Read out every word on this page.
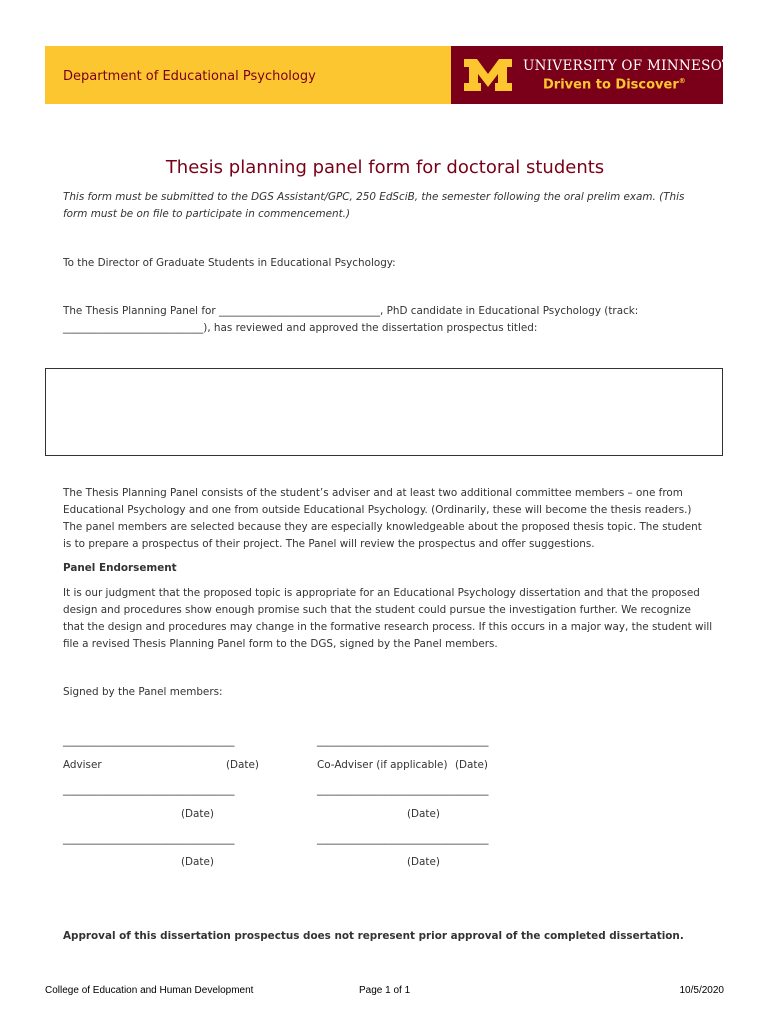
Department of Educational Psychology
UNIVERSITY OF MINNESOTA
Driven to Discover®
Thesis planning panel form for doctoral students
This form must be submitted to the DGS Assistant/GPC, 250 EdSciB, the semester following the oral prelim exam. (This form must be on file to participate in commencement.)
To the Director of Graduate Students in Educational Psychology:
The Thesis Planning Panel for _______________________________, PhD candidate in Educational Psychology (track: ___________________________), has reviewed and approved the dissertation prospectus titled:
The Thesis Planning Panel consists of the student’s adviser and at least two additional committee members – one from Educational Psychology and one from outside Educational Psychology. (Ordinarily, these will become the thesis readers.) The panel members are selected because they are especially knowledgeable about the proposed thesis topic. The student is to prepare a prospectus of their project. The Panel will review the prospectus and offer suggestions.
Panel Endorsement
It is our judgment that the proposed topic is appropriate for an Educational Psychology dissertation and that the proposed design and procedures show enough promise such that the student could pursue the investigation further. We recognize that the design and procedures may change in the formative research process. If this occurs in a major way, the student will file a revised Thesis Planning Panel form to the DGS, signed by the Panel members.
Signed by the Panel members:
_________________________________	_________________________________
Adviser	(Date)	Co-Adviser (if applicable) (Date)
_________________________________	_________________________________
(Date)	(Date)
_________________________________	_________________________________
(Date)	(Date)
Approval of this dissertation prospectus does not represent prior approval of the completed dissertation.
College of Education and Human Development	Page 1 of 1	10/5/2020
